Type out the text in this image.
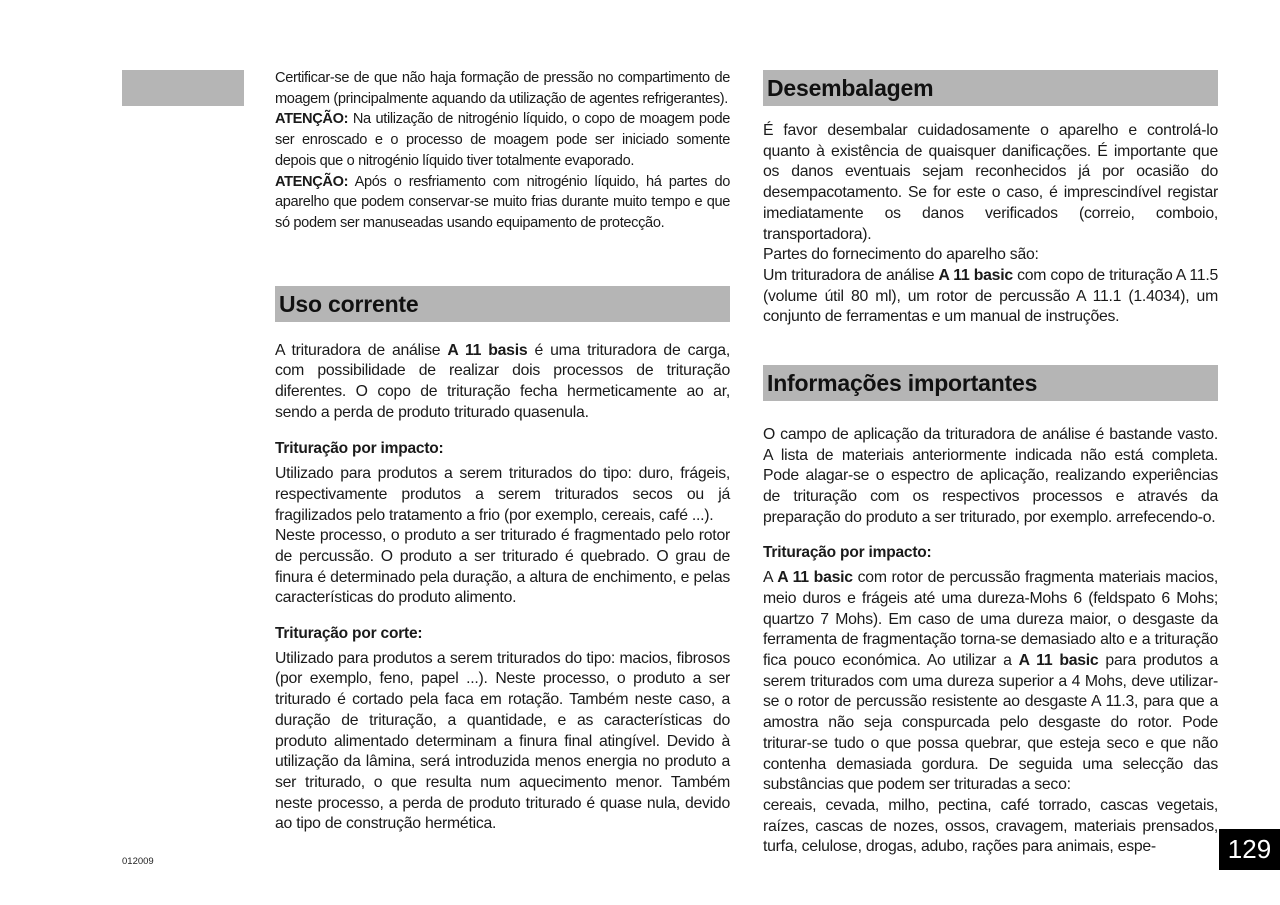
Certificar-se de que não haja formação de pressão no compartimento de moagem (principalmente aquando da utilização de agentes refrigerantes).

ATENÇÃO: Na utilização de nitrogénio líquido, o copo de moagem pode ser enroscado e o processo de moagem pode ser iniciado somente depois que o nitrogénio líquido tiver totalmente evaporado.

ATENÇÃO: Após o resfriamento com nitrogénio líquido, há partes do aparelho que podem conservar-se muito frias durante muito tempo e que só podem ser manuseadas usando equipamento de protecção.

Uso corrente

A trituradora de análise A 11 basis é uma trituradora de carga, com possibilidade de realizar dois processos de trituração diferentes. O copo de trituração fecha hermeticamente ao ar, sendo a perda de produto triturado quasenula.

Trituração por impacto:

Utilizado para produtos a serem triturados do tipo: duro, frágeis, respectivamente produtos a serem triturados secos ou já fragilizados pelo tratamento a frio (por exemplo, cereais, café ...).

Neste processo, o produto a ser triturado é fragmentado pelo rotor de percussão. O produto a ser triturado é quebrado. O grau de finura é determinado pela duração, a altura de enchimento, e pelas características do produto alimento.

Trituração por corte:

Utilizado para produtos a serem triturados do tipo: macios, fibrosos (por exemplo, feno, papel ...). Neste processo, o produto a ser triturado é cortado pela faca em rotação. Também neste caso, a duração de trituração, a quantidade, e as características do produto alimentado determinam a finura final atingível. Devido à utilização da lâmina, será introduzida menos energia no produto a ser triturado, o que resulta num aquecimento menor. Também neste processo, a perda de produto triturado é quase nula, devido ao tipo de construção hermética.

Desembalagem

É favor desembalar cuidadosamente o aparelho e controlá-lo quanto à existência de quaisquer danificações. É importante que os danos eventuais sejam reconhecidos já por ocasião do desempacotamento. Se for este o caso, é imprescindível registar imediatamente os danos verificados (correio, comboio, transportadora).

Partes do fornecimento do aparelho são:

Um trituradora de análise A 11 basic com copo de trituração A 11.5 (volume útil 80 ml), um rotor de percussão A 11.1 (1.4034), um conjunto de ferramentas e um manual de instruções.

Informações importantes

O campo de aplicação da trituradora de análise é bastande vasto. A lista de materiais anteriormente indicada não está completa. Pode alagar-se o espectro de aplicação, realizando experiências de trituração com os respectivos processos e através da preparação do produto a ser triturado, por exemplo. arrefecendo-o.

Trituração por impacto:

A A 11 basic com rotor de percussão fragmenta materiais macios, meio duros e frágeis até uma dureza-Mohs 6 (feldspato 6 Mohs; quartzo 7 Mohs). Em caso de uma dureza maior, o desgaste da ferramenta de fragmentação torna-se demasiado alto e a trituração fica pouco económica. Ao utilizar a A 11 basic para produtos a serem triturados com uma dureza superior a 4 Mohs, deve utilizar-se o rotor de percussão resistente ao desgaste A 11.3, para que a amostra não seja conspurcada pelo desgaste do rotor. Pode triturar-se tudo o que possa quebrar, que esteja seco e que não contenha demasiada gordura. De seguida uma selecção das substâncias que podem ser trituradas a seco:

cereais, cevada, milho, pectina, café torrado, cascas vegetais, raízes, cascas de nozes, ossos, cravagem, materiais prensados, turfa, celulose, drogas, adubo, rações para animais, espe-

012009	129
